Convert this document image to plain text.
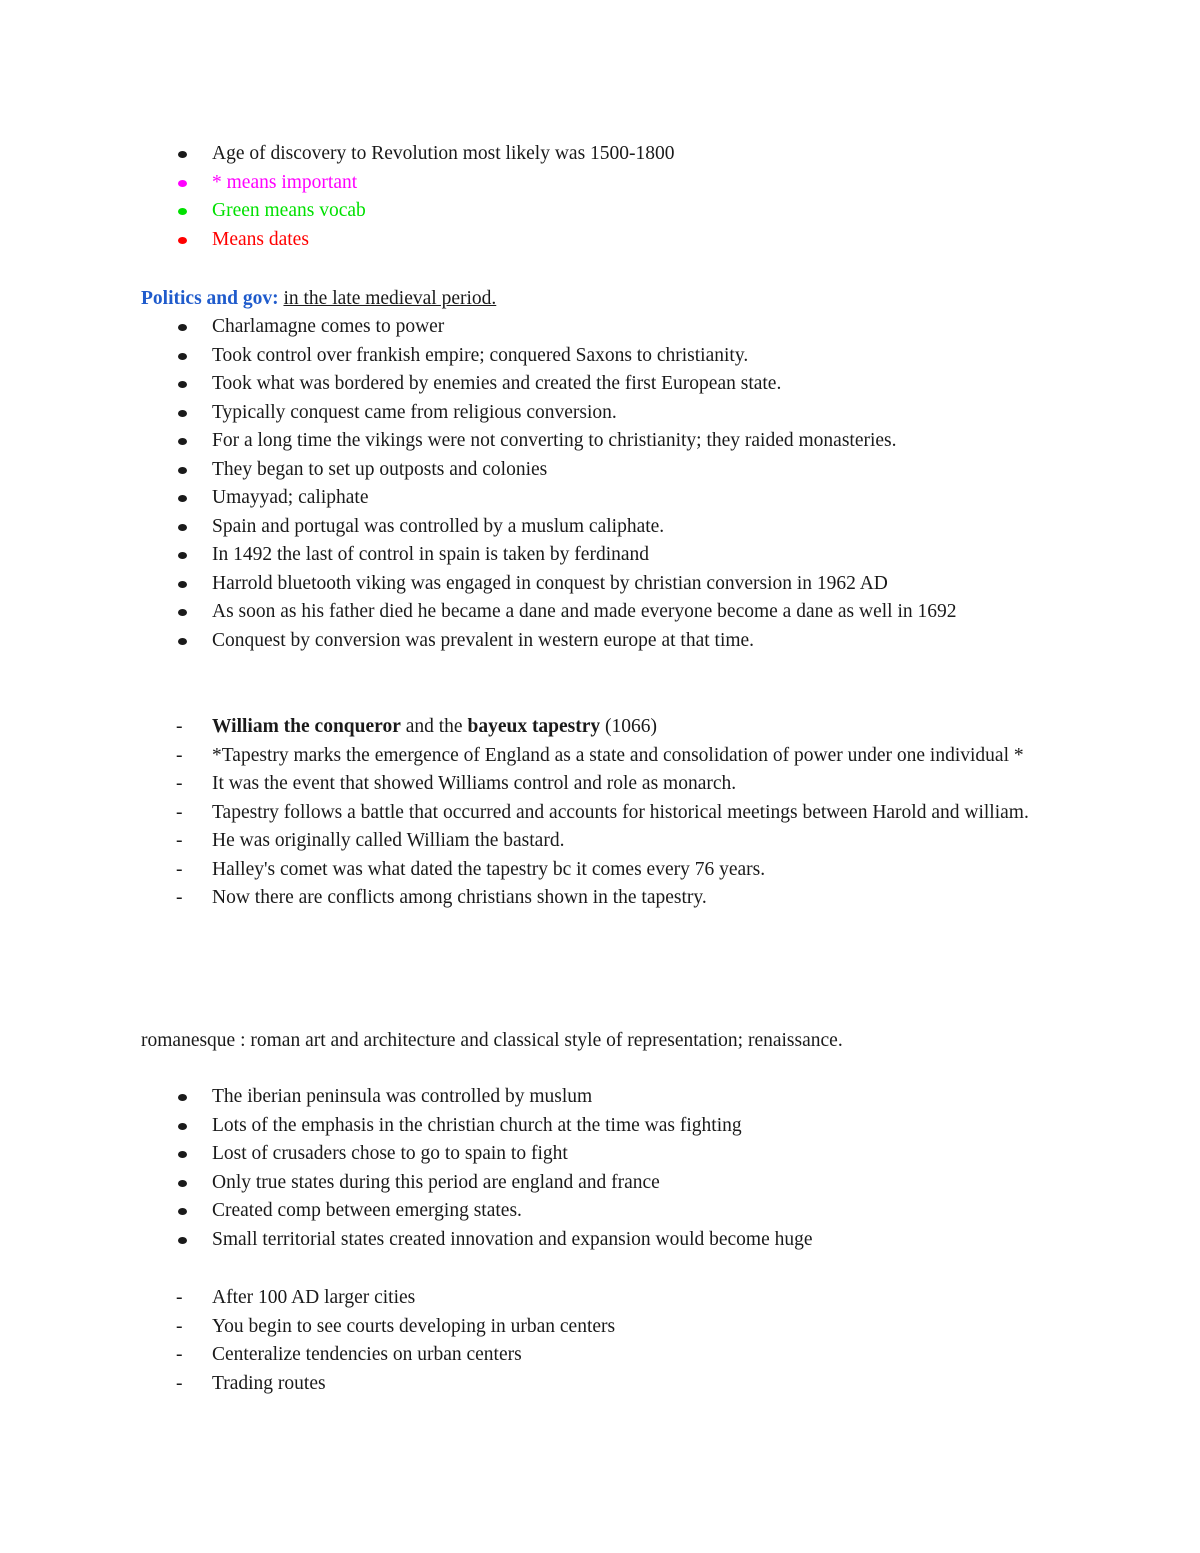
Age of discovery to Revolution most likely was 1500-1800
* means important
Green means vocab
Means dates
Politics and gov: in the late medieval period.
Charlamagne comes to power
Took control over frankish empire; conquered Saxons to christianity.
Took what was bordered by enemies and created the first European state.
Typically conquest came from religious conversion.
For a long time the vikings were not converting to christianity; they raided monasteries.
They began to set up outposts and colonies
Umayyad; caliphate
Spain and portugal was controlled by a muslum caliphate.
In 1492 the last of control in spain is taken by ferdinand
Harrold bluetooth viking was engaged in conquest by christian conversion in 1962 AD
As soon as his father died he became a dane and made everyone become a dane as well in 1692
Conquest by conversion was prevalent in western europe at that time.
- William the conqueror and the bayeux tapestry (1066)
- *Tapestry marks the emergence of England as a state and consolidation of power under one individual *
- It was the event that showed Williams control and role as monarch.
- Tapestry follows a battle that occurred and accounts for historical meetings between Harold and william.
- He was originally called William the bastard.
- Halley's comet was what dated the tapestry bc it comes every 76 years.
- Now there are conflicts among christians shown in the tapestry.
romanesque : roman art and architecture and classical style of representation; renaissance.
The iberian peninsula was controlled by muslum
Lots of the emphasis in the christian church at the time was fighting
Lost of crusaders chose to go to spain to fight
Only true states during this period are england and france
Created comp between emerging states.
Small territorial states created innovation and expansion would become huge
- After 100 AD larger cities
- You begin to see courts developing in urban centers
- Centeralize tendencies on urban centers
- Trading routes
